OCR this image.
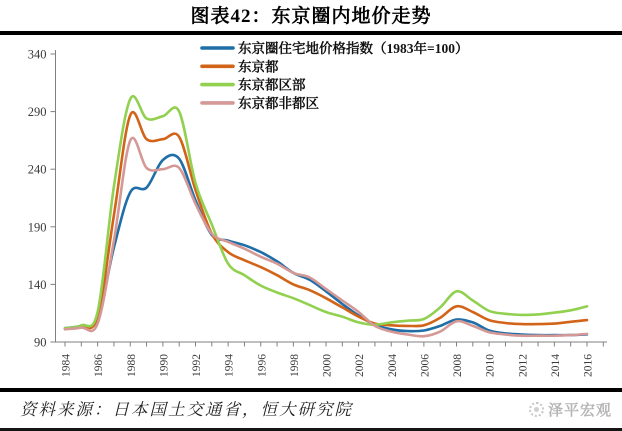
图表42：东京圈内地价走势
90
140
190
240
290
340
1984 1986 1988 1990 1992 1994 1996 1998 2000 2002 2004 2006 2008 2010 2012 2014 2016
东京圈住宅地价格指数（1983年=100）
东京都
东京都区部
东京都非都区
资料来源：日本国土交通省，恒大研究院	泽平宏观
